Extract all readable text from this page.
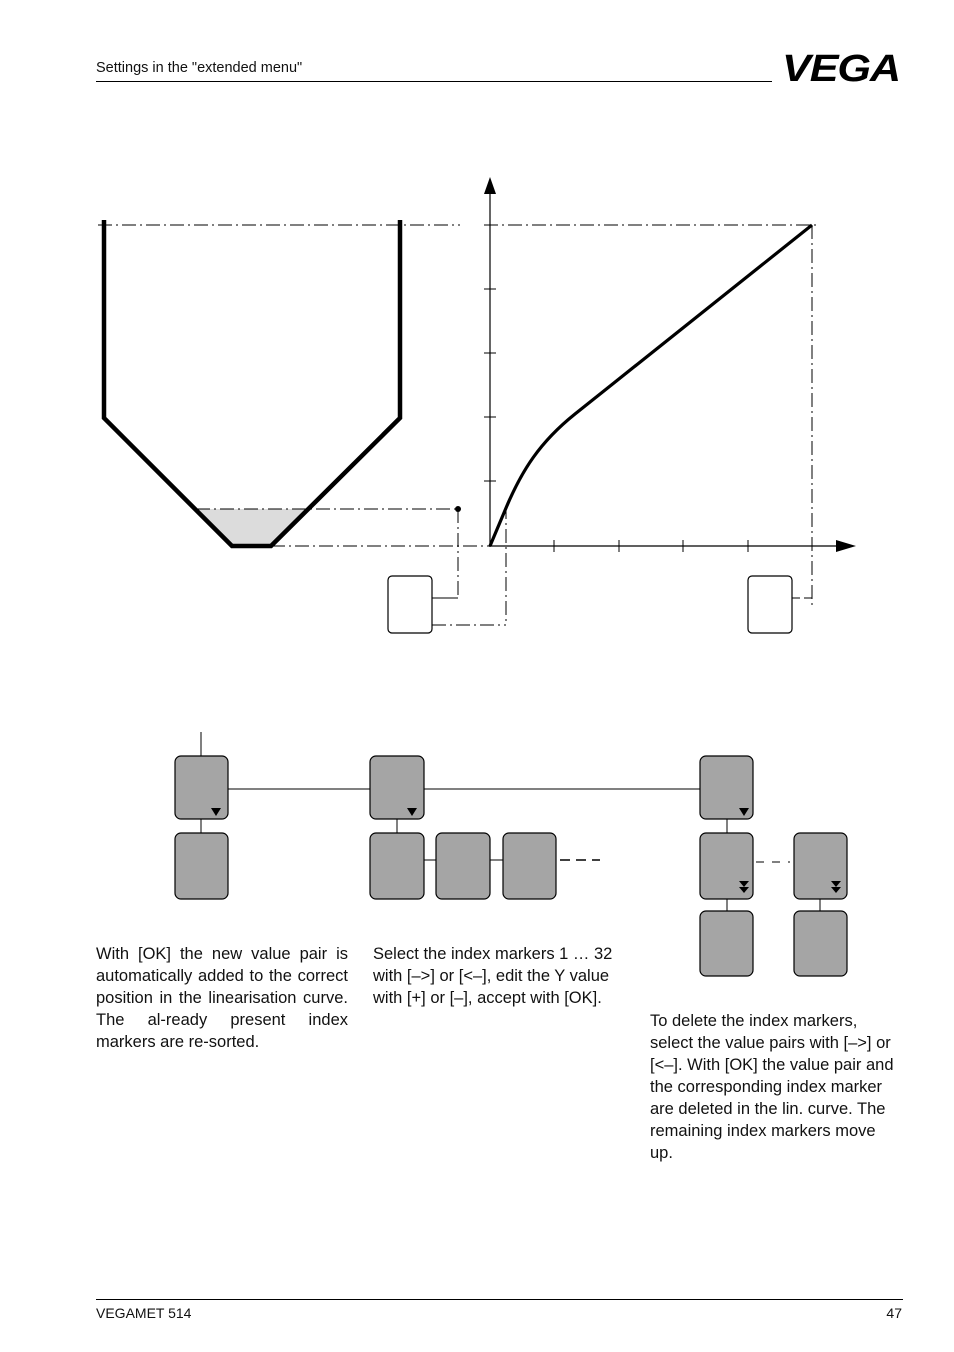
Settings in the "extended menu"	VEGA

With [OK] the new value pair is automatically added to the correct position in the linearisation curve. The al-ready present index markers are re-sorted.

Select the index markers 1 … 32 with [–>] or [<–], edit the Y value with [+] or [–], accept with [OK].

To delete the index markers, select the value pairs with [–>] or [<–]. With [OK] the value pair and the corresponding index marker are deleted in the lin. curve. The remaining index markers move up.

VEGAMET 514	47
